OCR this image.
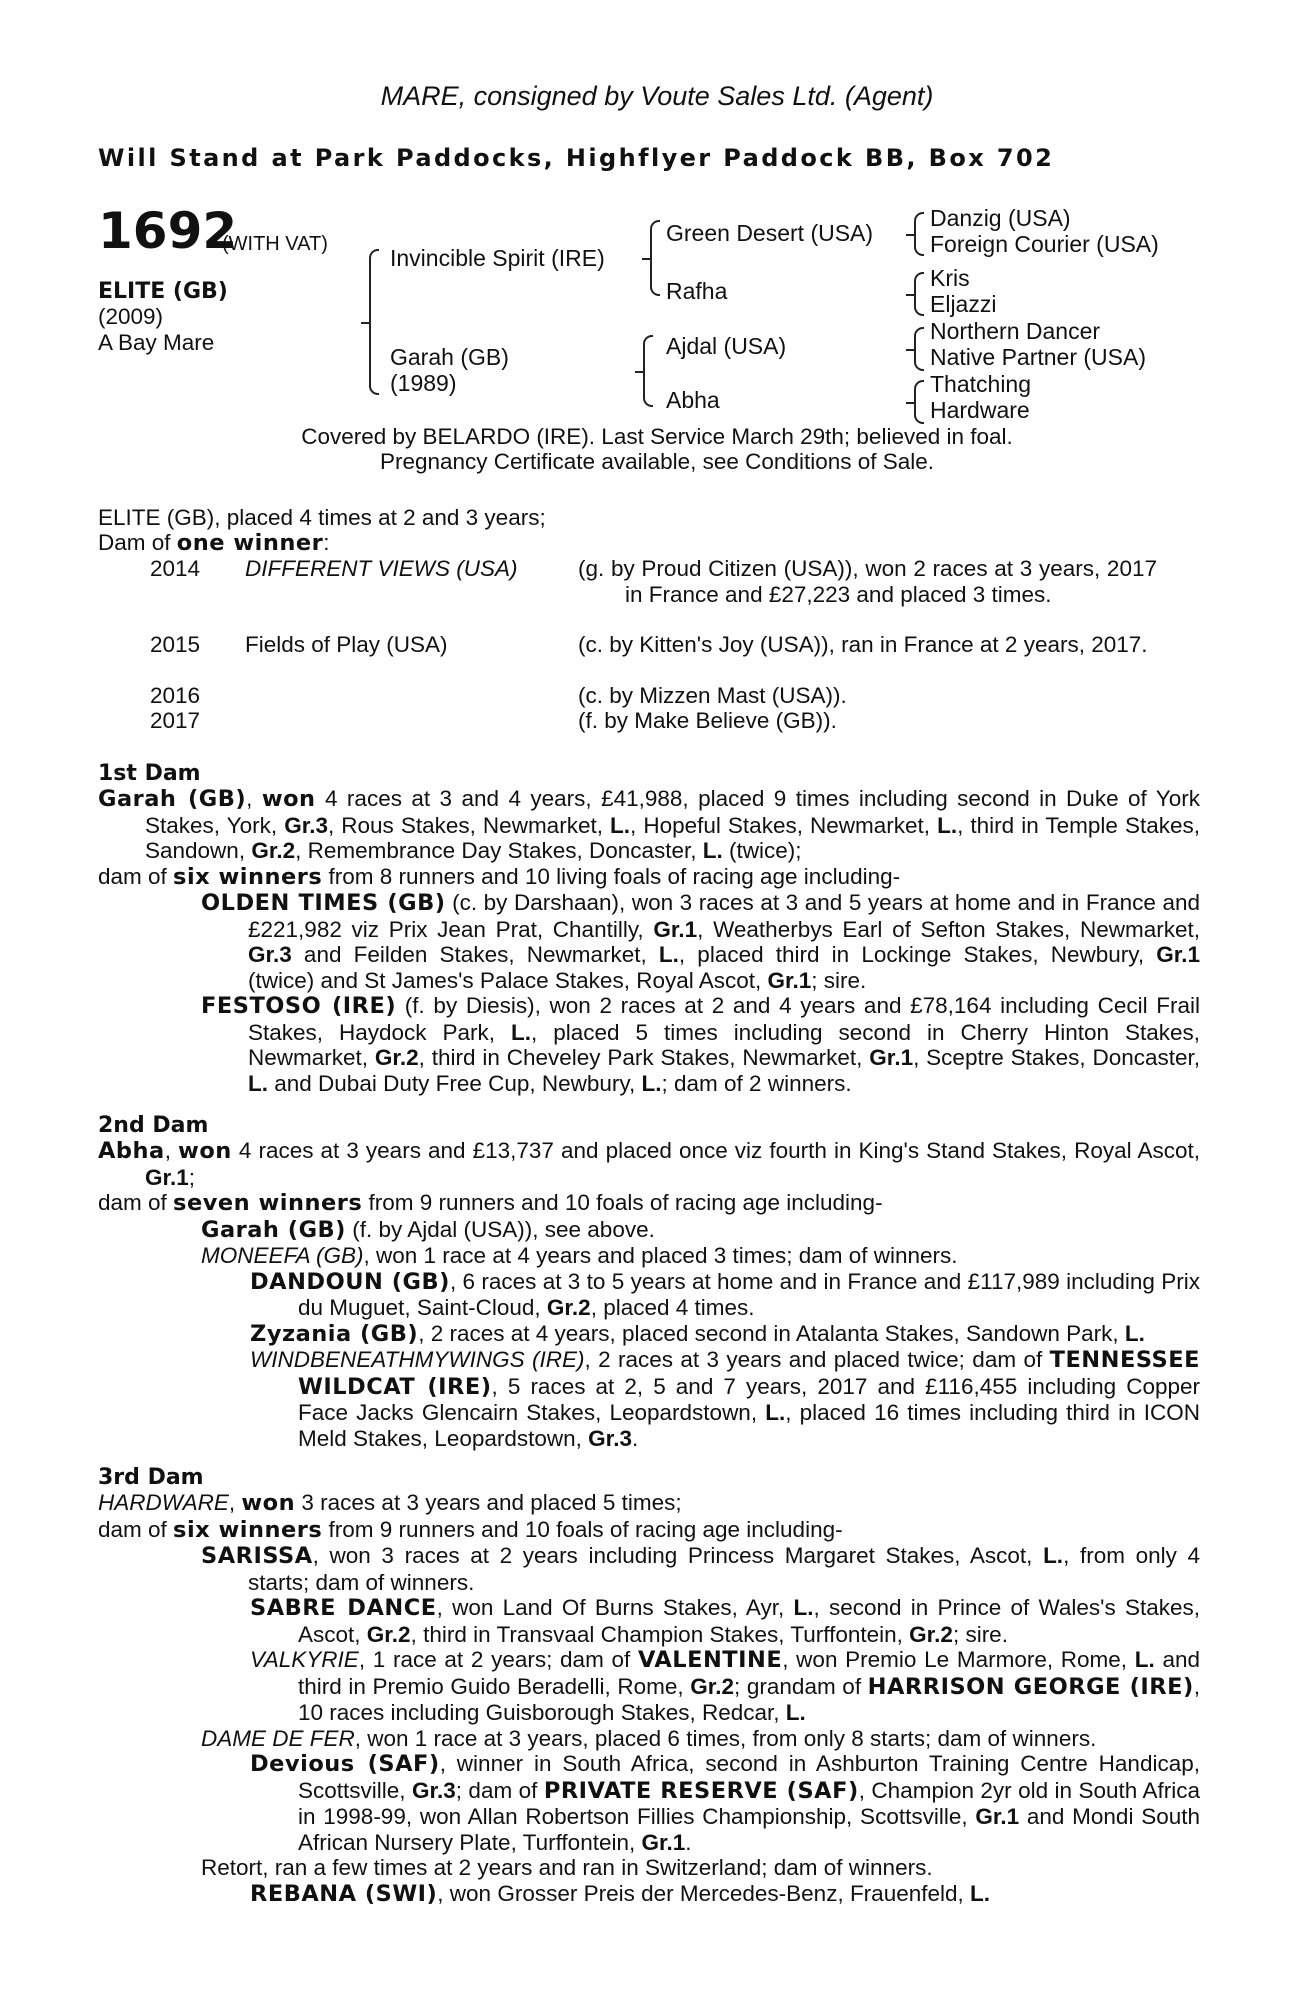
MARE, consigned by Voute Sales Ltd. (Agent)
Will Stand at Park Paddocks, Highflyer Paddock BB, Box 702
1692
(WITH VAT)
ELITE (GB)
(2009)
A Bay Mare
Invincible Spirit (IRE)
Garah (GB)
(1989)
Green Desert (USA)
Rafha
Ajdal (USA)
Abha
Danzig (USA)
Foreign Courier (USA)
Kris
Eljazzi
Northern Dancer
Native Partner (USA)
Thatching
Hardware
Covered by BELARDO (IRE). Last Service March 29th; believed in foal.
Pregnancy Certificate available, see Conditions of Sale.
ELITE (GB), placed 4 times at 2 and 3 years;
Dam of one winner:
2014 DIFFERENT VIEWS (USA)	(g. by Proud Citizen (USA)), won 2 races at 3 years, 2017 in France and £27,223 and placed 3 times.
2015 Fields of Play (USA)	(c. by Kitten's Joy (USA)), ran in France at 2 years, 2017.
2016	(c. by Mizzen Mast (USA)).
2017	(f. by Make Believe (GB)).
1st Dam
Garah (GB), won 4 races at 3 and 4 years, £41,988, placed 9 times including second in Duke of York Stakes, York, Gr.3, Rous Stakes, Newmarket, L., Hopeful Stakes, Newmarket, L., third in Temple Stakes, Sandown, Gr.2, Remembrance Day Stakes, Doncaster, L. (twice);
dam of six winners from 8 runners and 10 living foals of racing age including-
OLDEN TIMES (GB) (c. by Darshaan), won 3 races at 3 and 5 years at home and in France and £221,982 viz Prix Jean Prat, Chantilly, Gr.1, Weatherbys Earl of Sefton Stakes, Newmarket, Gr.3 and Feilden Stakes, Newmarket, L., placed third in Lockinge Stakes, Newbury, Gr.1 (twice) and St James's Palace Stakes, Royal Ascot, Gr.1; sire.
FESTOSO (IRE) (f. by Diesis), won 2 races at 2 and 4 years and £78,164 including Cecil Frail Stakes, Haydock Park, L., placed 5 times including second in Cherry Hinton Stakes, Newmarket, Gr.2, third in Cheveley Park Stakes, Newmarket, Gr.1, Sceptre Stakes, Doncaster, L. and Dubai Duty Free Cup, Newbury, L.; dam of 2 winners.
2nd Dam
Abha, won 4 races at 3 years and £13,737 and placed once viz fourth in King's Stand Stakes, Royal Ascot, Gr.1;
dam of seven winners from 9 runners and 10 foals of racing age including-
Garah (GB) (f. by Ajdal (USA)), see above.
MONEEFA (GB), won 1 race at 4 years and placed 3 times; dam of winners.
DANDOUN (GB), 6 races at 3 to 5 years at home and in France and £117,989 including Prix du Muguet, Saint-Cloud, Gr.2, placed 4 times.
Zyzania (GB), 2 races at 4 years, placed second in Atalanta Stakes, Sandown Park, L.
WINDBENEATHMYWINGS (IRE), 2 races at 3 years and placed twice; dam of TENNESSEE WILDCAT (IRE), 5 races at 2, 5 and 7 years, 2017 and £116,455 including Copper Face Jacks Glencairn Stakes, Leopardstown, L., placed 16 times including third in ICON Meld Stakes, Leopardstown, Gr.3.
3rd Dam
HARDWARE, won 3 races at 3 years and placed 5 times;
dam of six winners from 9 runners and 10 foals of racing age including-
SARISSA, won 3 races at 2 years including Princess Margaret Stakes, Ascot, L., from only 4 starts; dam of winners.
SABRE DANCE, won Land Of Burns Stakes, Ayr, L., second in Prince of Wales's Stakes, Ascot, Gr.2, third in Transvaal Champion Stakes, Turffontein, Gr.2; sire.
VALKYRIE, 1 race at 2 years; dam of VALENTINE, won Premio Le Marmore, Rome, L. and third in Premio Guido Beradelli, Rome, Gr.2; grandam of HARRISON GEORGE (IRE), 10 races including Guisborough Stakes, Redcar, L.
DAME DE FER, won 1 race at 3 years, placed 6 times, from only 8 starts; dam of winners.
Devious (SAF), winner in South Africa, second in Ashburton Training Centre Handicap, Scottsville, Gr.3; dam of PRIVATE RESERVE (SAF), Champion 2yr old in South Africa in 1998-99, won Allan Robertson Fillies Championship, Scottsville, Gr.1 and Mondi South African Nursery Plate, Turffontein, Gr.1.
Retort, ran a few times at 2 years and ran in Switzerland; dam of winners.
REBANA (SWI), won Grosser Preis der Mercedes-Benz, Frauenfeld, L.
